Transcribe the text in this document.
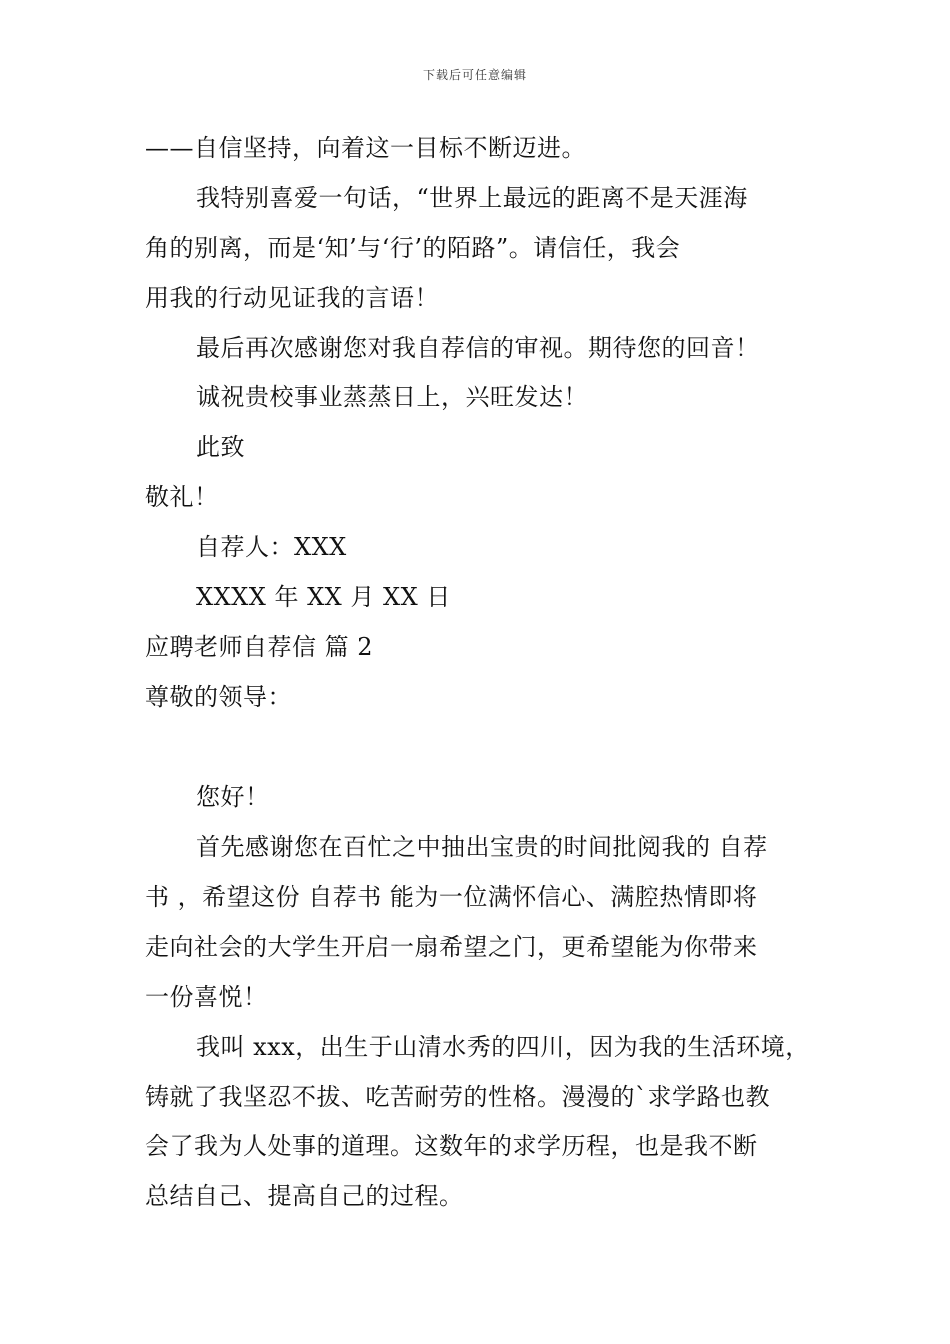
下载后可任意编辑
——自信坚持，向着这一目标不断迈进。
我特别喜爱一句话，“世界上最远的距离不是天涯海
角的别离，而是‘知’与‘行’的陌路”。请信任，我会
用我的行动见证我的言语！
最后再次感谢您对我自荐信的审视。期待您的回音！
诚祝贵校事业蒸蒸日上，兴旺发达！
此致
敬礼！
自荐人：XXX
XXXX 年 XX 月 XX 日
应聘老师自荐信 篇 2
尊敬的领导：
您好！
首先感谢您在百忙之中抽出宝贵的时间批阅我的 自荐
书 ，希望这份 自荐书 能为一位满怀信心、满腔热情即将
走向社会的大学生开启一扇希望之门，更希望能为你带来
一份喜悦！
我叫 xxx，出生于山清水秀的四川，因为我的生活环境，
铸就了我坚忍不拔、吃苦耐劳的性格。漫漫的`求学路也教
会了我为人处事的道理。这数年的求学历程，也是我不断
总结自己、提高自己的过程。
